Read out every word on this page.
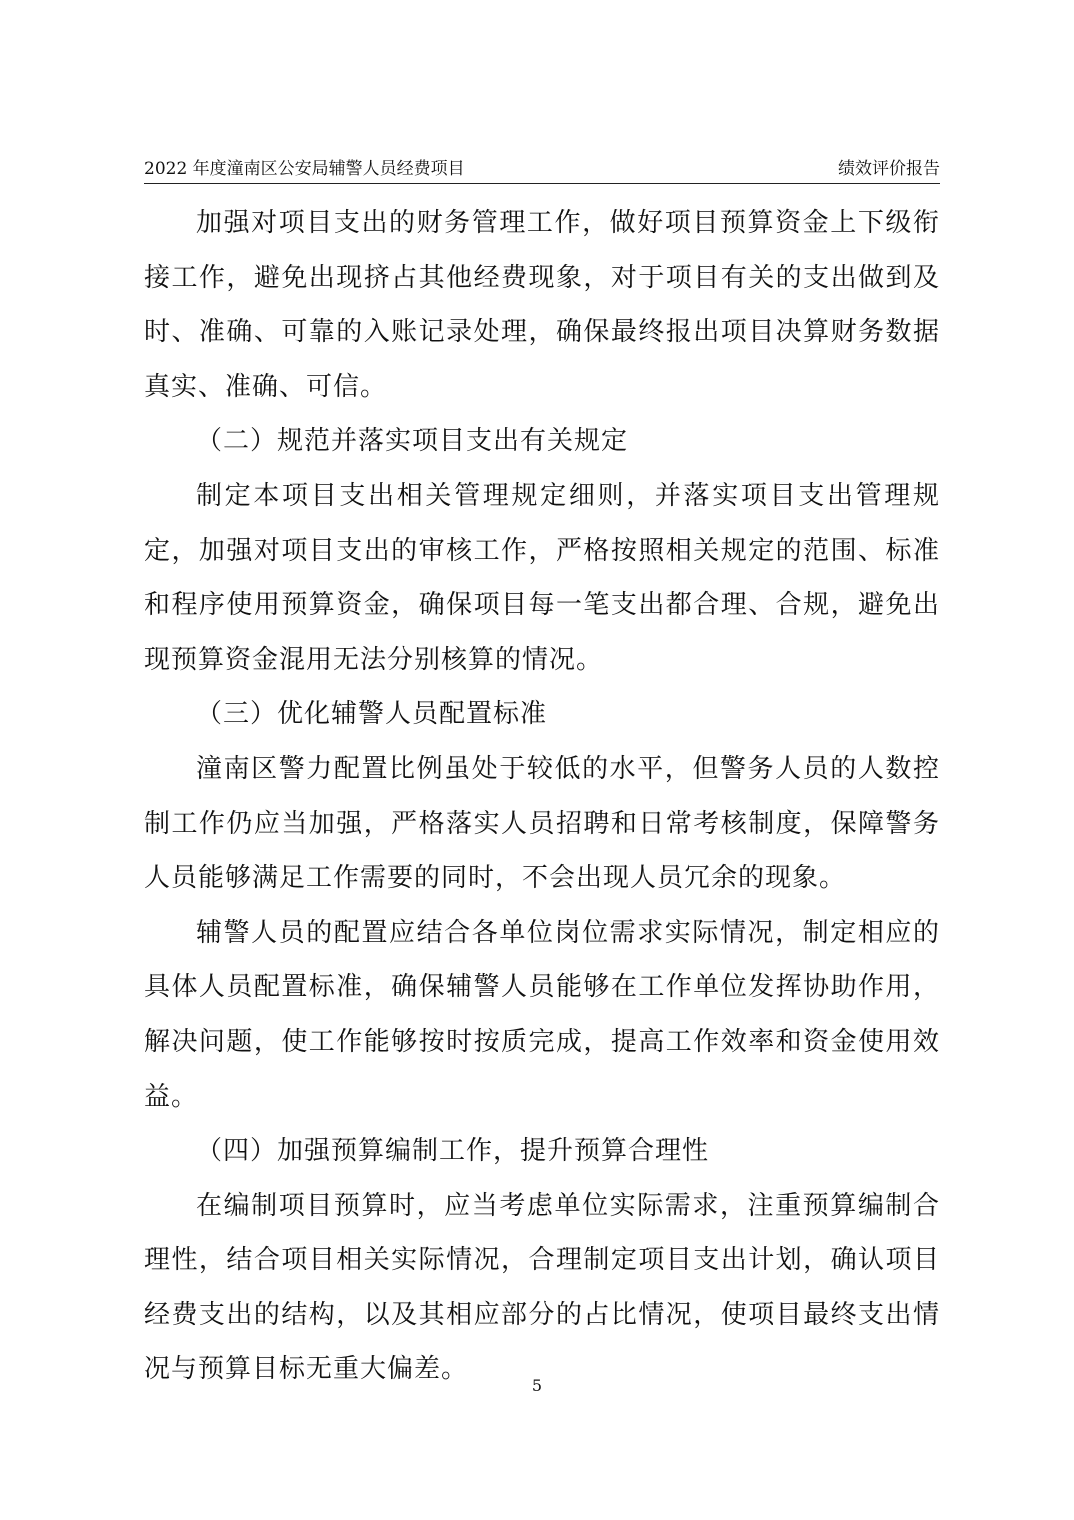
2022 年度潼南区公安局辅警人员经费项目	绩效评价报告

加强对项目支出的财务管理工作，做好项目预算资金上下级衔接工作，避免出现挤占其他经费现象，对于项目有关的支出做到及时、准确、可靠的入账记录处理，确保最终报出项目决算财务数据真实、准确、可信。

（二）规范并落实项目支出有关规定

制定本项目支出相关管理规定细则，并落实项目支出管理规定，加强对项目支出的审核工作，严格按照相关规定的范围、标准和程序使用预算资金，确保项目每一笔支出都合理、合规，避免出现预算资金混用无法分别核算的情况。

（三）优化辅警人员配置标准

潼南区警力配置比例虽处于较低的水平，但警务人员的人数控制工作仍应当加强，严格落实人员招聘和日常考核制度，保障警务人员能够满足工作需要的同时，不会出现人员冗余的现象。

辅警人员的配置应结合各单位岗位需求实际情况，制定相应的具体人员配置标准，确保辅警人员能够在工作单位发挥协助作用，解决问题，使工作能够按时按质完成，提高工作效率和资金使用效益。

（四）加强预算编制工作，提升预算合理性

在编制项目预算时，应当考虑单位实际需求，注重预算编制合理性，结合项目相关实际情况，合理制定项目支出计划，确认项目经费支出的结构，以及其相应部分的占比情况，使项目最终支出情况与预算目标无重大偏差。

5
